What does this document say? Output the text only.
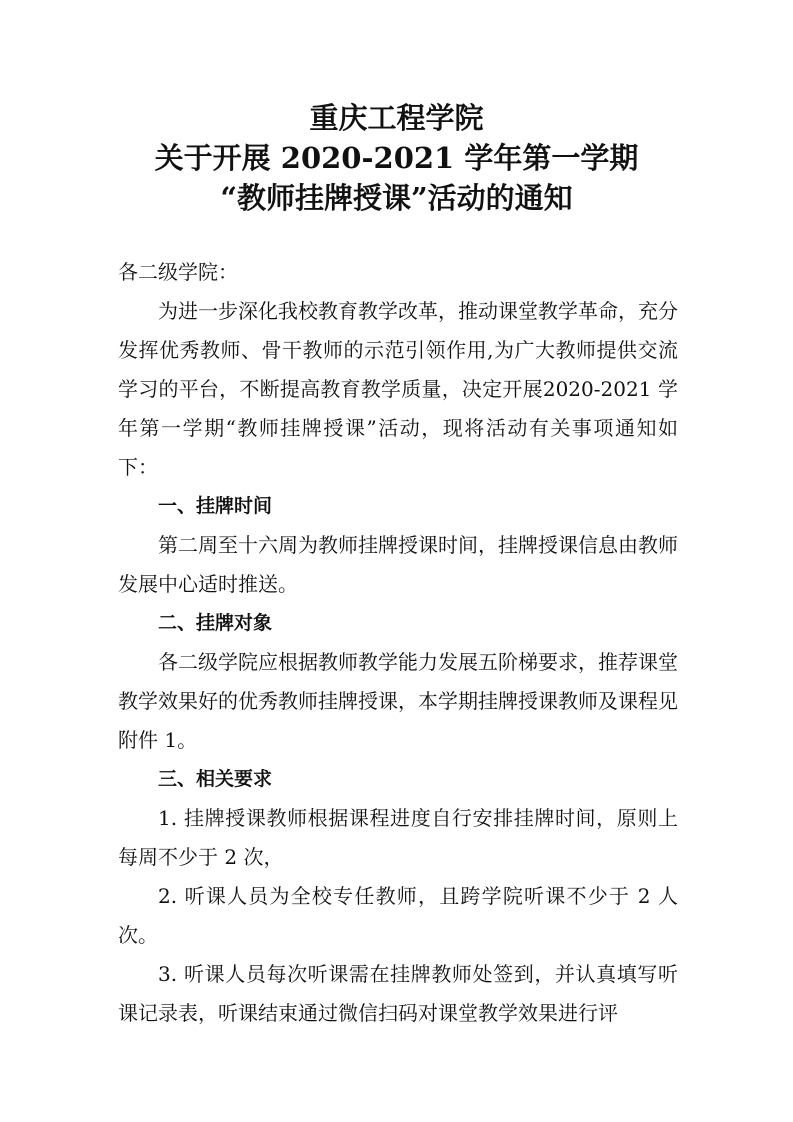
重庆工程学院
关于开展 2020-2021 学年第一学期
“教师挂牌授课”活动的通知

各二级学院：

为进一步深化我校教育教学改革，推动课堂教学革命，充分发挥优秀教师、骨干教师的示范引领作用,为广大教师提供交流学习的平台，不断提高教育教学质量，决定开展2020-2021 学年第一学期“教师挂牌授课”活动，现将活动有关事项通知如下：

一、挂牌时间

第二周至十六周为教师挂牌授课时间，挂牌授课信息由教师发展中心适时推送。

二、挂牌对象

各二级学院应根据教师教学能力发展五阶梯要求，推荐课堂教学效果好的优秀教师挂牌授课，本学期挂牌授课教师及课程见附件 1。

三、相关要求

1. 挂牌授课教师根据课程进度自行安排挂牌时间，原则上每周不少于 2 次，

2. 听课人员为全校专任教师，且跨学院听课不少于 2 人次。

3. 听课人员每次听课需在挂牌教师处签到，并认真填写听课记录表，听课结束通过微信扫码对课堂教学效果进行评
